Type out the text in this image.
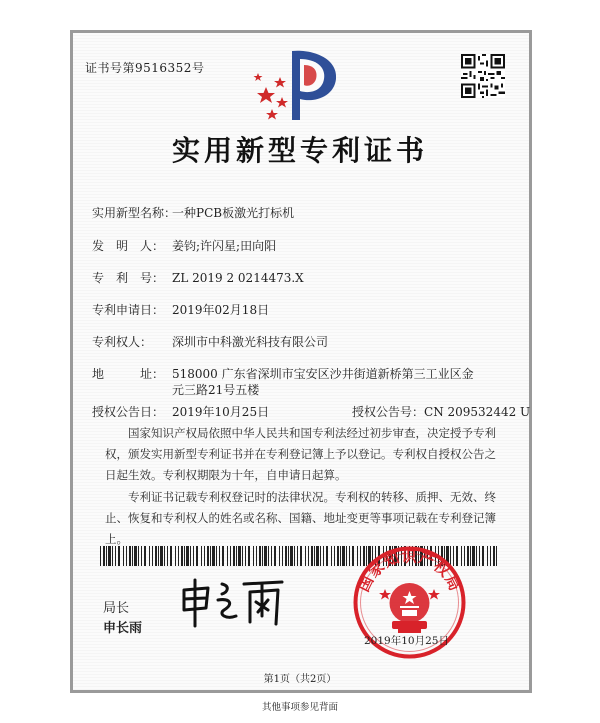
证书号第9516352号
实用新型专利证书
实用新型名称：一种PCB板激光打标机
发　明　人： 姜钧;许闪星;田向阳
专　利　号： ZL 2019 2 0214473.X
专利申请日： 2019年02月18日
专利权人： 深圳市中科激光科技有限公司
地　　　址： 518000 广东省深圳市宝安区沙井街道新桥第三工业区金
元三路21号五楼
授权公告日： 2019年10月25日	授权公告号：CN 209532442 U
国家知识产权局依照中华人民共和国专利法经过初步审查，决定授予专利权，颁发实用新型专利证书并在专利登记簿上予以登记。专利权自授权公告之日起生效。专利权期限为十年，自申请日起算。
专利证书记载专利权登记时的法律状况。专利权的转移、质押、无效、终止、恢复和专利权人的姓名或名称、国籍、地址变更等事项记载在专利登记簿上。
局长
申长雨
国家知识产权局
2019年10月25日
第1页（共2页）
其他事项参见背面
